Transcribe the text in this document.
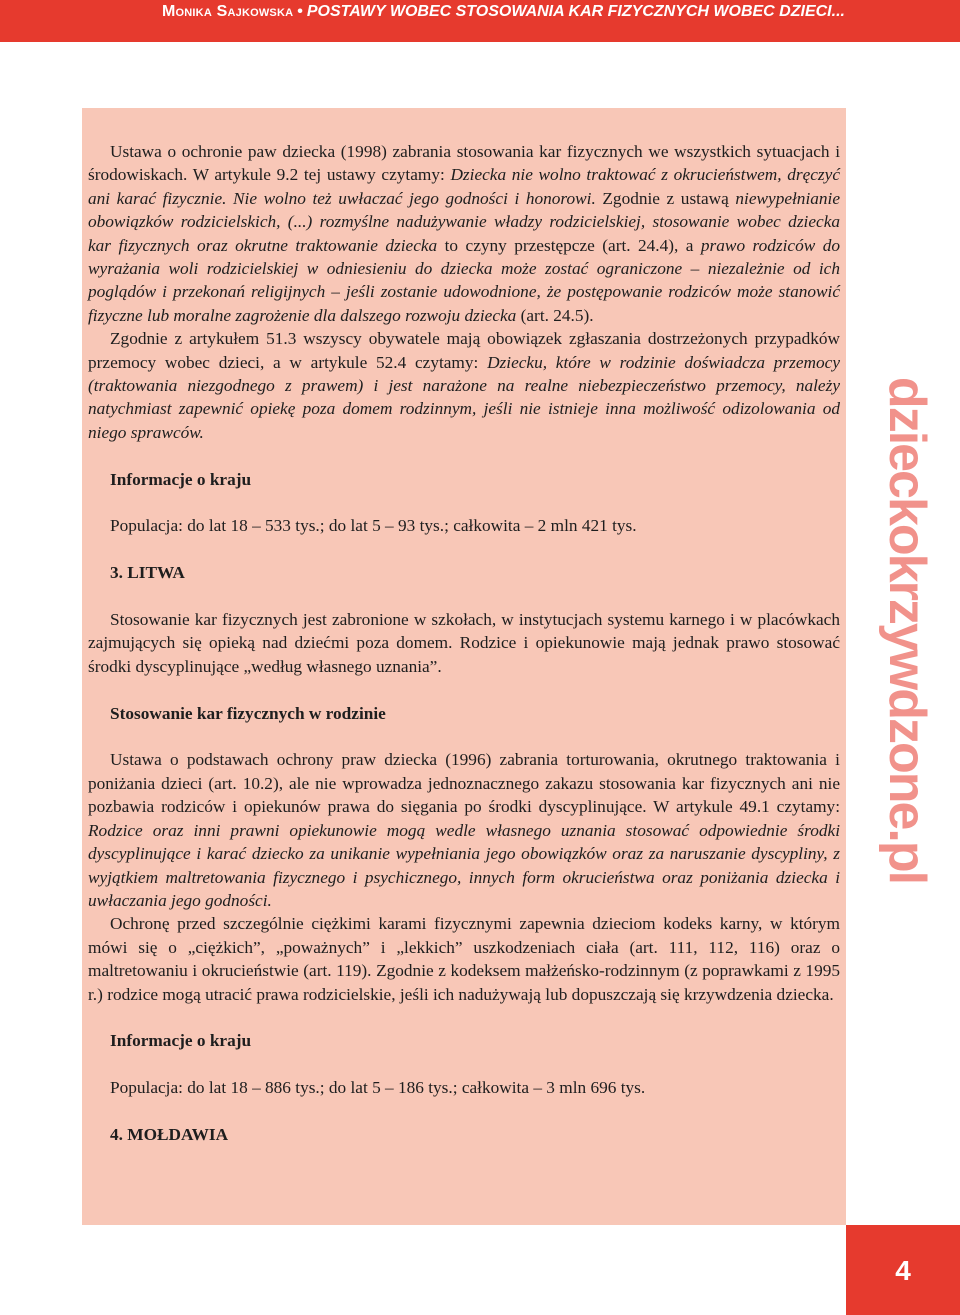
Monika Sajkowska • POSTAWY WOBEC STOSOWANIA KAR FIZYCZNYCH WOBEC DZIECI...

Ustawa o ochronie paw dziecka (1998) zabrania stosowania kar fizycznych we wszystkich sytuacjach i środowiskach. W artykule 9.2 tej ustawy czytamy: Dziecka nie wolno traktować z okrucieństwem, dręczyć ani karać fizycznie. Nie wolno też uwłaczać jego godności i honorowi. Zgodnie z ustawą niewypełnianie obowiązków rodzicielskich, (...) rozmyślne nadużywanie władzy rodzicielskiej, stosowanie wobec dziecka kar fizycznych oraz okrutne traktowanie dziecka to czyny przestępcze (art. 24.4), a prawo rodziców do wyrażania woli rodzicielskiej w odniesieniu do dziecka może zostać ograniczone – niezależnie od ich poglądów i przekonań religijnych – jeśli zostanie udowodnione, że postępowanie rodziców może stanowić fizyczne lub moralne zagrożenie dla dalszego rozwoju dziecka (art. 24.5).

Zgodnie z artykułem 51.3 wszyscy obywatele mają obowiązek zgłaszania dostrzeżonych przypadków przemocy wobec dzieci, a w artykule 52.4 czytamy: Dziecku, które w rodzinie doświadcza przemocy (traktowania niezgodnego z prawem) i jest narażone na realne niebezpieczeństwo przemocy, należy natychmiast zapewnić opiekę poza domem rodzinnym, jeśli nie istnieje inna możliwość odizolowania od niego sprawców.

Informacje o kraju

Populacja: do lat 18 – 533 tys.; do lat 5 – 93 tys.; całkowita – 2 mln 421 tys.

3. LITWA

Stosowanie kar fizycznych jest zabronione w szkołach, w instytucjach systemu karnego i w placówkach zajmujących się opieką nad dziećmi poza domem. Rodzice i opiekunowie mają jednak prawo stosować środki dyscyplinujące „według własnego uznania”.

Stosowanie kar fizycznych w rodzinie

Ustawa o podstawach ochrony praw dziecka (1996) zabrania torturowania, okrutnego traktowania i poniżania dzieci (art. 10.2), ale nie wprowadza jednoznacznego zakazu stosowania kar fizycznych ani nie pozbawia rodziców i opiekunów prawa do sięgania po środki dyscyplinujące. W artykule 49.1 czytamy: Rodzice oraz inni prawni opiekunowie mogą wedle własnego uznania stosować odpowiednie środki dyscyplinujące i karać dziecko za unikanie wypełniania jego obowiązków oraz za naruszanie dyscypliny, z wyjątkiem maltretowania fizycznego i psychicznego, innych form okrucieństwa oraz poniżania dziecka i uwłaczania jego godności.

Ochronę przed szczególnie ciężkimi karami fizycznymi zapewnia dzieciom kodeks karny, w którym mówi się o „ciężkich”, „poważnych” i „lekkich” uszkodzeniach ciała (art. 111, 112, 116) oraz o maltretowaniu i okrucieństwie (art. 119). Zgodnie z kodeksem małżeńsko-rodzinnym (z poprawkami z 1995 r.) rodzice mogą utracić prawa rodzicielskie, jeśli ich nadużywają lub dopuszczają się krzywdzenia dziecka.

Informacje o kraju

Populacja: do lat 18 – 886 tys.; do lat 5 – 186 tys.; całkowita – 3 mln 696 tys.

4. MOŁDAWIA

dzieckokrzywdzone.pl
4
